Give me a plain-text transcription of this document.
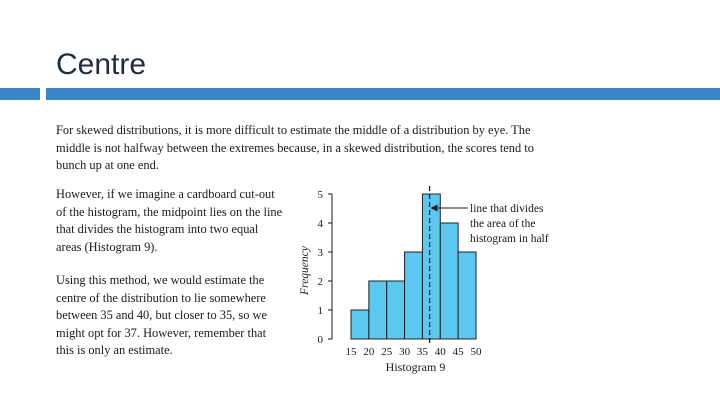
Centre

For skewed distributions, it is more difficult to estimate the middle of a distribution by eye. The middle is not halfway between the extremes because, in a skewed distribution, the scores tend to bunch up at one end.

However, if we imagine a cardboard cut-out of the histogram, the midpoint lies on the line that divides the histogram into two equal areas (Histogram 9).

Using this method, we would estimate the centre of the distribution to lie somewhere between 35 and 40, but closer to 35, so we might opt for 37. However, remember that this is only an estimate.

0
1
2
3
4
5
15 20 25 30 35 40 45 50
line that divides the area of the histogram in half
Frequency
Histogram 9
